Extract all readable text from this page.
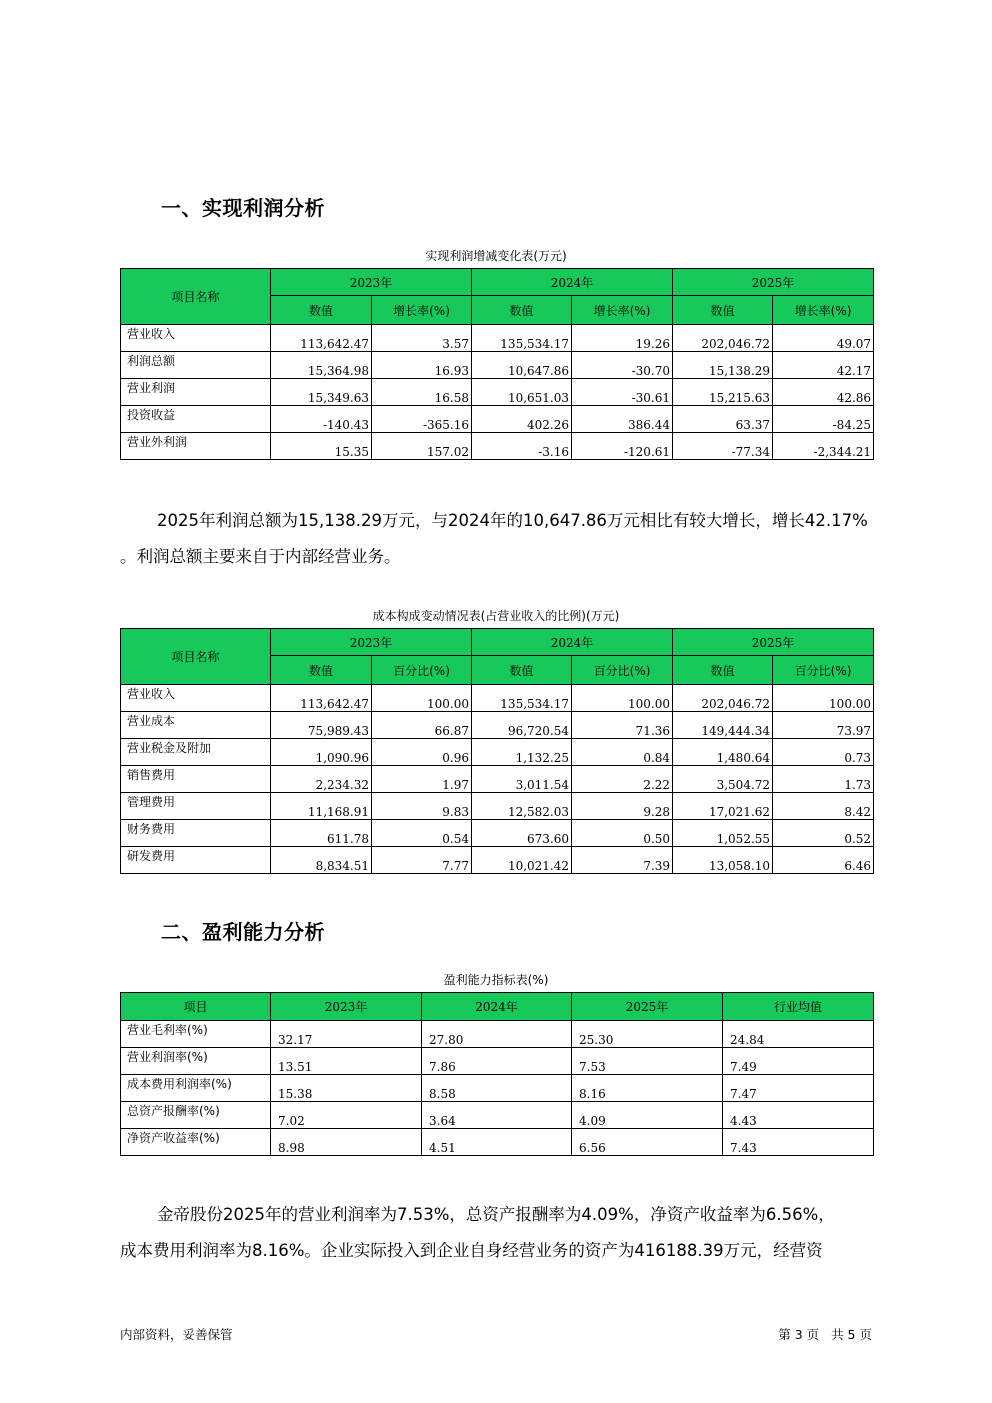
一、实现利润分析
实现利润增减变化表(万元)
项目名称	2023年		2024年		2025年	
	数值	增长率(%)	数值	增长率(%)	数值	增长率(%)
营业收入	113,642.47	3.57	135,534.17	19.26	202,046.72	49.07
利润总额	15,364.98	16.93	10,647.86	-30.70	15,138.29	42.17
营业利润	15,349.63	16.58	10,651.03	-30.61	15,215.63	42.86
投资收益	-140.43	-365.16	402.26	386.44	63.37	-84.25
营业外利润	15.35	157.02	-3.16	-120.61	-77.34	-2,344.21
2025年利润总额为15,138.29万元，与2024年的10,647.86万元相比有较大增长，增长42.17%
。利润总额主要来自于内部经营业务。
成本构成变动情况表(占营业收入的比例)(万元)
项目名称	2023年		2024年		2025年	
	数值	百分比(%)	数值	百分比(%)	数值	百分比(%)
营业收入	113,642.47	100.00	135,534.17	100.00	202,046.72	100.00
营业成本	75,989.43	66.87	96,720.54	71.36	149,444.34	73.97
营业税金及附加	1,090.96	0.96	1,132.25	0.84	1,480.64	0.73
销售费用	2,234.32	1.97	3,011.54	2.22	3,504.72	1.73
管理费用	11,168.91	9.83	12,582.03	9.28	17,021.62	8.42
财务费用	611.78	0.54	673.60	0.50	1,052.55	0.52
研发费用	8,834.51	7.77	10,021.42	7.39	13,058.10	6.46
二、盈利能力分析
盈利能力指标表(%)
项目	2023年	2024年	2025年	行业均值
营业毛利率(%)	32.17	27.80	25.30	24.84
营业利润率(%)	13.51	7.86	7.53	7.49
成本费用利润率(%)	15.38	8.58	8.16	7.47
总资产报酬率(%)	7.02	3.64	4.09	4.43
净资产收益率(%)	8.98	4.51	6.56	7.43
金帝股份2025年的营业利润率为7.53%，总资产报酬率为4.09%，净资产收益率为6.56%，
成本费用利润率为8.16%。企业实际投入到企业自身经营业务的资产为416188.39万元，经营资
内部资料，妥善保管	第 3 页   共 5 页
